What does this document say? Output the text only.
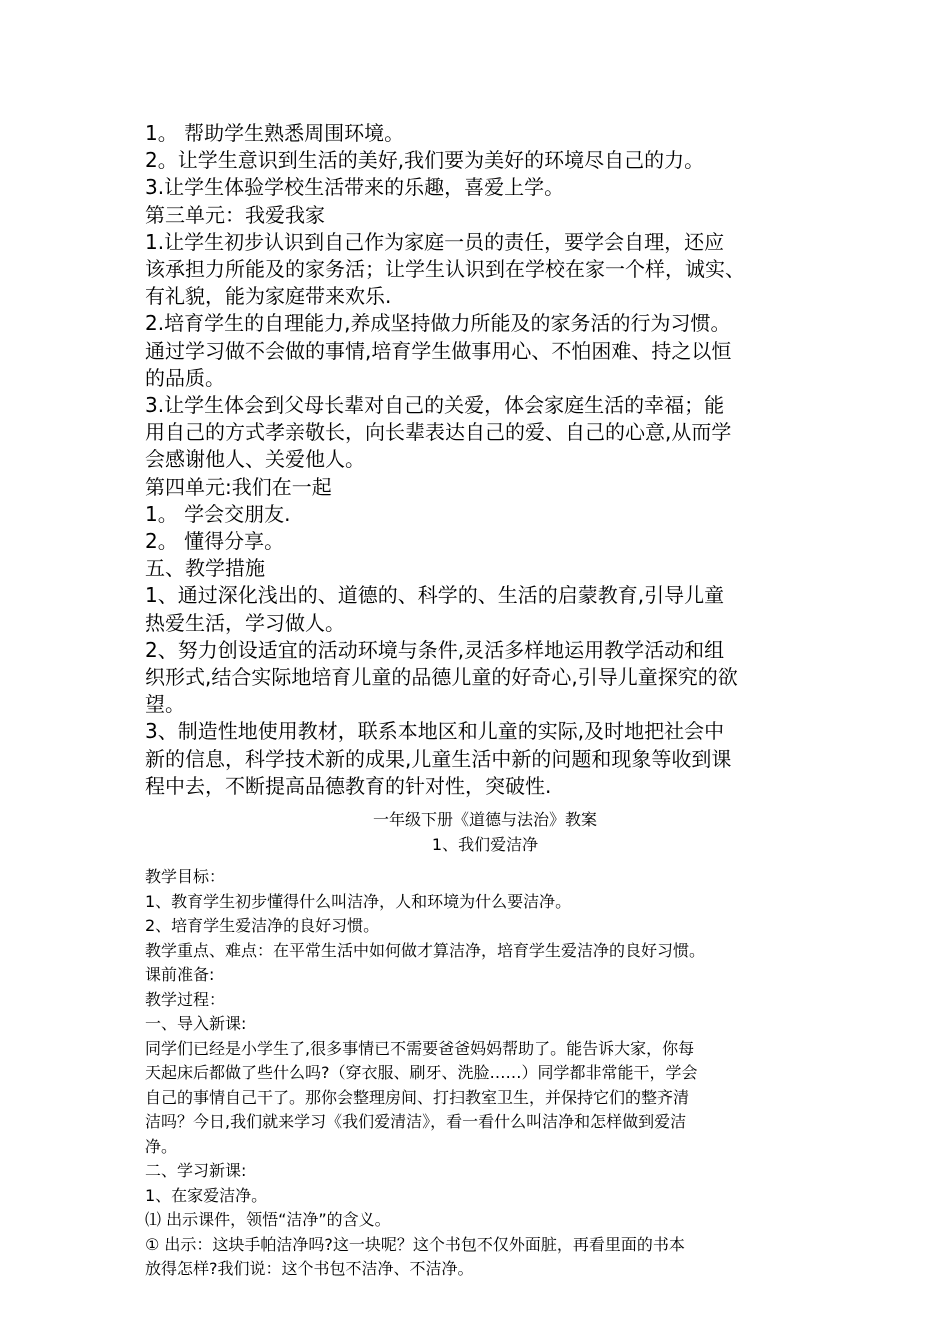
1。 帮助学生熟悉周围环境。

2。让学生意识到生活的美好,我们要为美好的环境尽自己的力。

3.让学生体验学校生活带来的乐趣，喜爱上学。

第三单元：我爱我家

1.让学生初步认识到自己作为家庭一员的责任，要学会自理，还应

该承担力所能及的家务活；让学生认识到在学校在家一个样，诚实、

有礼貌，能为家庭带来欢乐.

2.培育学生的自理能力,养成坚持做力所能及的家务活的行为习惯。

通过学习做不会做的事情,培育学生做事用心、不怕困难、持之以恒

的品质。

3.让学生体会到父母长辈对自己的关爱，体会家庭生活的幸福；能

用自己的方式孝亲敬长，向长辈表达自己的爱、自己的心意,从而学

会感谢他人、关爱他人。

第四单元:我们在一起

1。 学会交朋友.

2。 懂得分享。

五、教学措施

1、通过深化浅出的、道德的、科学的、生活的启蒙教育,引导儿童

热爱生活，学习做人。

2、努力创设适宜的活动环境与条件,灵活多样地运用教学活动和组

织形式,结合实际地培育儿童的品德儿童的好奇心,引导儿童探究的欲

望。

3、制造性地使用教材，联系本地区和儿童的实际,及时地把社会中

新的信息，科学技术新的成果,儿童生活中新的问题和现象等收到课

程中去，不断提高品德教育的针对性，突破性.

一年级下册《道德与法治》教案

1、我们爱洁净

教学目标：

1、教育学生初步懂得什么叫洁净，人和环境为什么要洁净。

2、培育学生爱洁净的良好习惯。

教学重点、难点：在平常生活中如何做才算洁净，培育学生爱洁净的良好习惯。

课前准备:

教学过程：

一、导入新课:

同学们已经是小学生了,很多事情已不需要爸爸妈妈帮助了。能告诉大家，你每

天起床后都做了些什么吗?（穿衣服、刷牙、洗脸……）同学都非常能干，学会

自己的事情自己干了。那你会整理房间、打扫教室卫生，并保持它们的整齐清

洁吗？今日,我们就来学习《我们爱清洁》，看一看什么叫洁净和怎样做到爱洁

净。

二、学习新课:

1、在家爱洁净。

⑴ 出示课件，领悟“洁净”的含义。

① 出示：这块手帕洁净吗?这一块呢？这个书包不仅外面脏，再看里面的书本

放得怎样?我们说：这个书包不洁净、不洁净。
